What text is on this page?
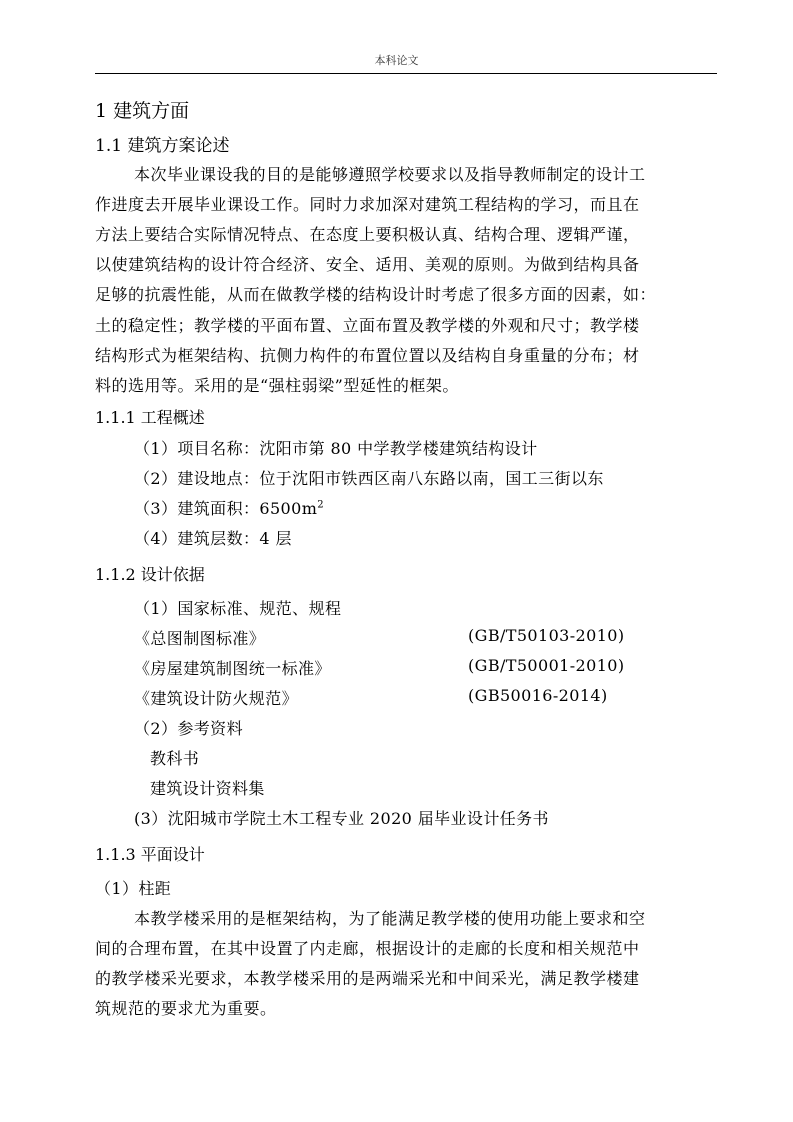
本科论文
1 建筑方面
1.1 建筑方案论述
本次毕业课设我的目的是能够遵照学校要求以及指导教师制定的设计工
作进度去开展毕业课设工作。同时力求加深对建筑工程结构的学习，而且在
方法上要结合实际情况特点、在态度上要积极认真、结构合理、逻辑严谨，
以使建筑结构的设计符合经济、安全、适用、美观的原则。为做到结构具备
足够的抗震性能，从而在做教学楼的结构设计时考虑了很多方面的因素，如：
土的稳定性；教学楼的平面布置、立面布置及教学楼的外观和尺寸；教学楼
结构形式为框架结构、抗侧力构件的布置位置以及结构自身重量的分布；材
料的选用等。采用的是“强柱弱梁”型延性的框架。
1.1.1 工程概述
（1）项目名称：沈阳市第 80 中学教学楼建筑结构设计
（2）建设地点：位于沈阳市铁西区南八东路以南，国工三街以东
（3）建筑面积：$6500m^2$
（4）建筑层数：4 层
1.1.2 设计依据
（1）国家标准、规范、规程
《总图制图标准》	(GB/T50103-2010)
《房屋建筑制图统一标准》	(GB/T50001-2010)
《建筑设计防火规范》	(GB50016-2014)
（2）参考资料
教科书
建筑设计资料集
(3）沈阳城市学院土木工程专业 2020 届毕业设计任务书
1.1.3 平面设计
（1）柱距
本教学楼采用的是框架结构，为了能满足教学楼的使用功能上要求和空
间的合理布置，在其中设置了内走廊，根据设计的走廊的长度和相关规范中
的教学楼采光要求，本教学楼采用的是两端采光和中间采光，满足教学楼建
筑规范的要求尤为重要。
